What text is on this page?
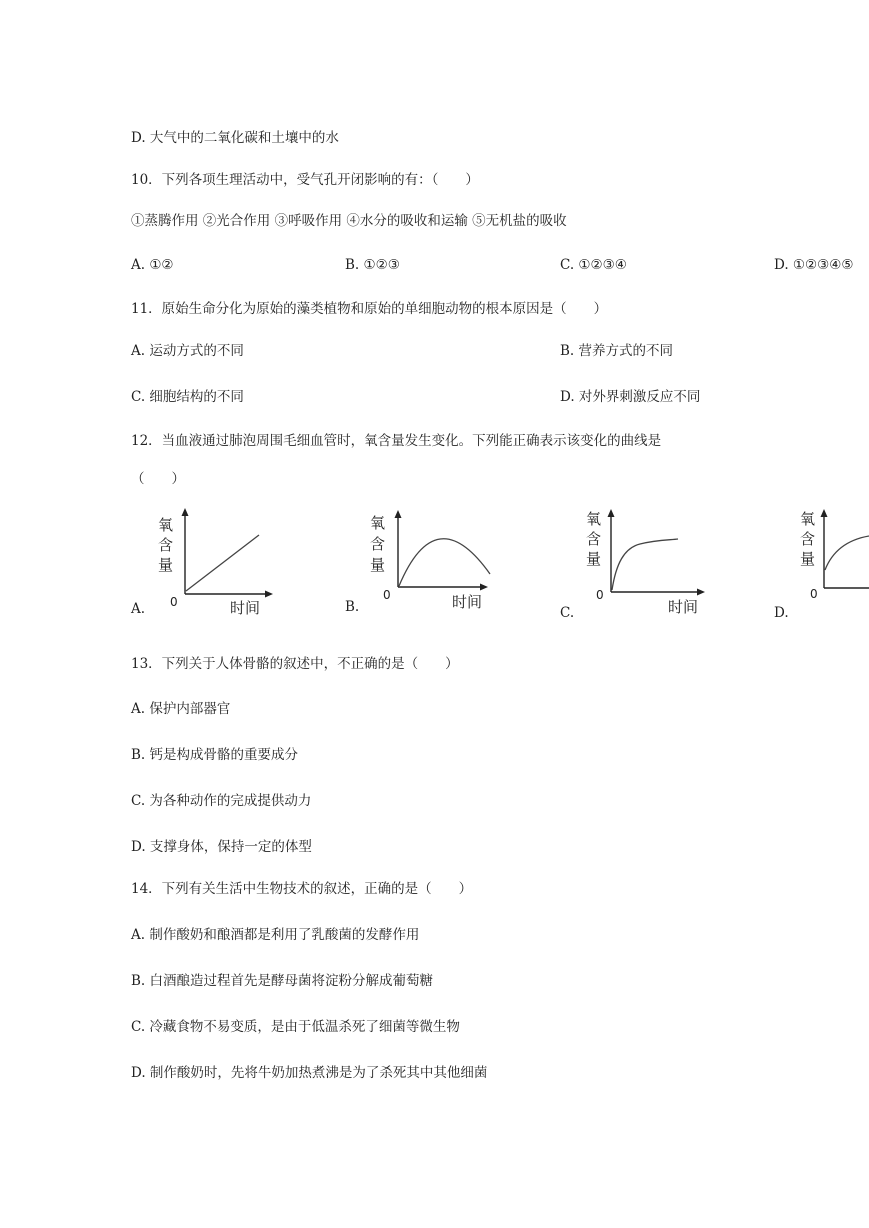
D. 大气中的二氧化碳和土壤中的水
10．下列各项生理活动中，受气孔开闭影响的有：（　　）
①蒸腾作用 ②光合作用 ③呼吸作用 ④水分的吸收和运输 ⑤无机盐的吸收
A. ①②	B. ①②③	C. ①②③④	D. ①②③④⑤
11．原始生命分化为原始的藻类植物和原始的单细胞动物的根本原因是（　　）
A. 运动方式的不同	B. 营养方式的不同
C. 细胞结构的不同	D. 对外界刺激反应不同
12．当血液通过肺泡周围毛细血管时，氧含量发生变化。下列能正确表示该变化的曲线是
（　　）
A.	B.	C.	D.
氧
含
量
0	时间
氧
含
量
0	时间
氧
含
量
0
时间
氧
含
量
0
13．下列关于人体骨骼的叙述中，不正确的是（　　）
A. 保护内部器官
B. 钙是构成骨骼的重要成分
C. 为各种动作的完成提供动力
D. 支撑身体，保持一定的体型
14．下列有关生活中生物技术的叙述，正确的是（　　）
A. 制作酸奶和酿酒都是利用了乳酸菌的发酵作用
B. 白酒酿造过程首先是酵母菌将淀粉分解成葡萄糖
C. 冷藏食物不易变质，是由于低温杀死了细菌等微生物
D. 制作酸奶时，先将牛奶加热煮沸是为了杀死其中其他细菌
